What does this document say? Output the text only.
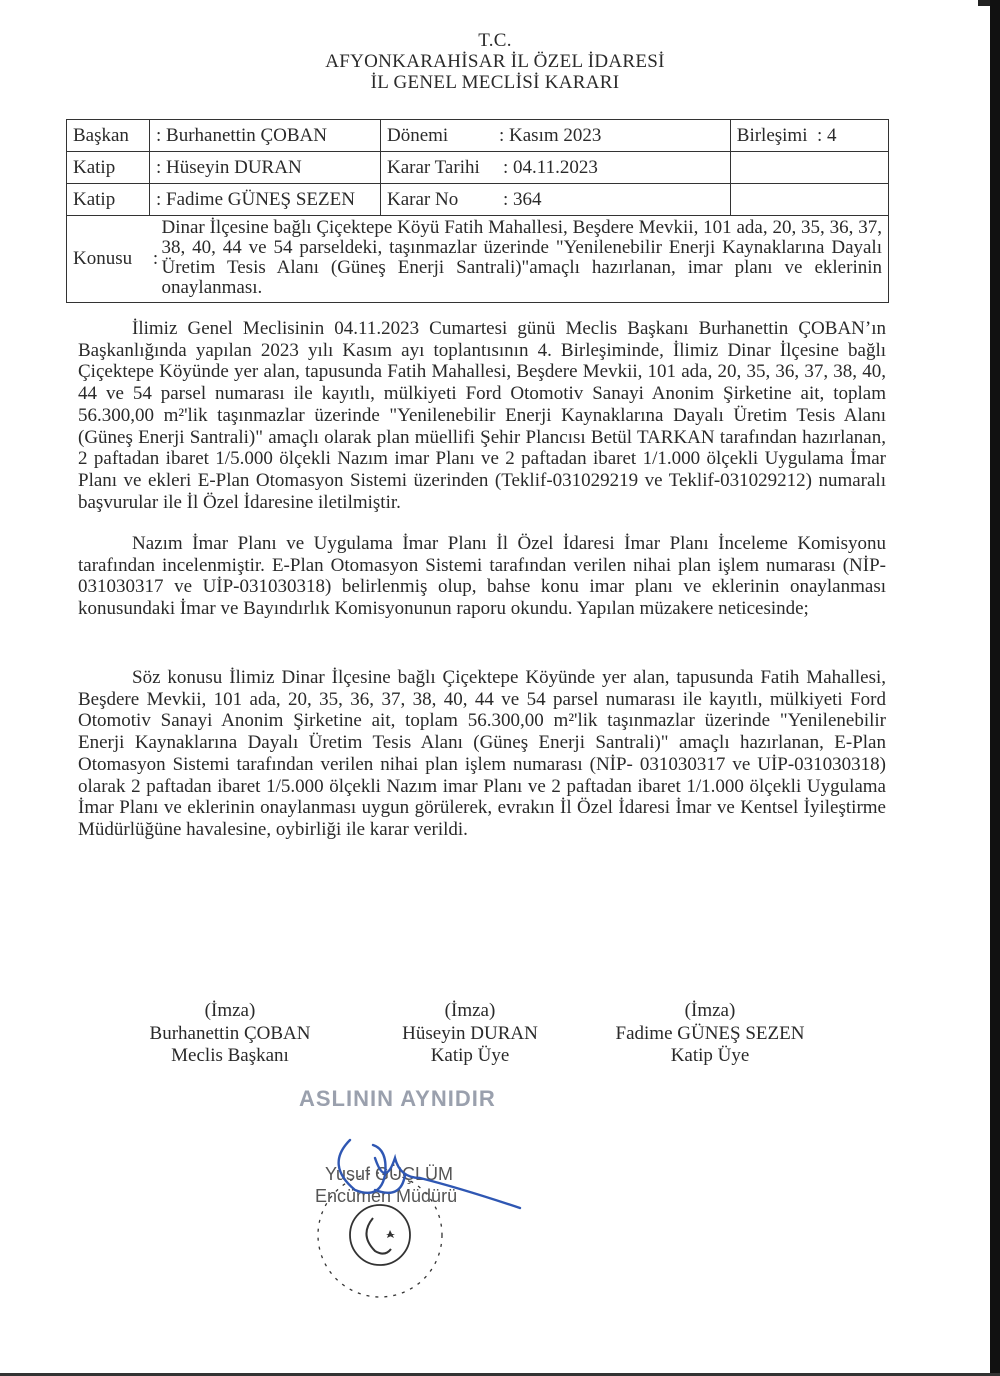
T.C.
AFYONKARAHİSAR İL ÖZEL İDARESİ
İL GENEL MECLİSİ KARARI
Başkan	: Burhanettin ÇOBAN	Dönemi	: Kasım 2023	Birleşimi : 4
Katip	: Hüseyin DURAN	Karar Tarihi : 04.11.2023	
Katip	: Fadime GÜNEŞ SEZEN	Karar No : 364	
Konusu	:	Dinar İlçesine bağlı Çiçektepe Köyü Fatih Mahallesi, Beşdere Mevkii, 101 ada, 20, 35, 36, 37, 38, 40, 44 ve 54 parseldeki, taşınmazlar üzerinde "Yenilenebilir Enerji Kaynaklarına Dayalı Üretim Tesis Alanı (Güneş Enerji Santrali)"amaçlı hazırlanan, imar planı ve eklerinin onaylanması.

İlimiz Genel Meclisinin 04.11.2023 Cumartesi günü Meclis Başkanı Burhanettin ÇOBAN’ın Başkanlığında yapılan 2023 yılı Kasım ayı toplantısının 4. Birleşiminde, İlimiz Dinar İlçesine bağlı Çiçektepe Köyünde yer alan, tapusunda Fatih Mahallesi, Beşdere Mevkii, 101 ada, 20, 35, 36, 37, 38, 40, 44 ve 54 parsel numarası ile kayıtlı, mülkiyeti Ford Otomotiv Sanayi Anonim Şirketine ait, toplam 56.300,00 m²'lik taşınmazlar üzerinde "Yenilenebilir Enerji Kaynaklarına Dayalı Üretim Tesis Alanı (Güneş Enerji Santrali)" amaçlı olarak plan müellifi Şehir Plancısı Betül TARKAN tarafından hazırlanan, 2 paftadan ibaret 1/5.000 ölçekli Nazım imar Planı ve 2 paftadan ibaret 1/1.000 ölçekli Uygulama İmar Planı ve ekleri E-Plan Otomasyon Sistemi üzerinden (Teklif-031029219 ve Teklif-031029212) numaralı başvurular ile İl Özel İdaresine iletilmiştir.

Nazım İmar Planı ve Uygulama İmar Planı İl Özel İdaresi İmar Planı İnceleme Komisyonu tarafından incelenmiştir. E-Plan Otomasyon Sistemi tarafından verilen nihai plan işlem numarası (NİP- 031030317 ve UİP-031030318) belirlenmiş olup, bahse konu imar planı ve eklerinin onaylanması konusundaki İmar ve Bayındırlık Komisyonunun raporu okundu. Yapılan müzakere neticesinde;

Söz konusu İlimiz Dinar İlçesine bağlı Çiçektepe Köyünde yer alan, tapusunda Fatih Mahallesi, Beşdere Mevkii, 101 ada, 20, 35, 36, 37, 38, 40, 44 ve 54 parsel numarası ile kayıtlı, mülkiyeti Ford Otomotiv Sanayi Anonim Şirketine ait, toplam 56.300,00 m²'lik taşınmazlar üzerinde "Yenilenebilir Enerji Kaynaklarına Dayalı Üretim Tesis Alanı (Güneş Enerji Santrali)" amaçlı hazırlanan, E-Plan Otomasyon Sistemi tarafından verilen nihai plan işlem numarası (NİP- 031030317 ve UİP-031030318) olarak 2 paftadan ibaret 1/5.000 ölçekli Nazım imar Planı ve 2 paftadan ibaret 1/1.000 ölçekli Uygulama İmar Planı ve eklerinin onaylanması uygun görülerek, evrakın İl Özel İdaresi İmar ve Kentsel İyileştirme Müdürlüğüne havalesine, oybirliği ile karar verildi.

(İmza)
Burhanettin ÇOBAN
Meclis Başkanı
(İmza)
Hüseyin DURAN
Katip Üye
(İmza)
Fadime GÜNEŞ SEZEN
Katip Üye
Yusuf GÜÇLÜM
Encümen Müdürü
ASLININ AYNIDIR
